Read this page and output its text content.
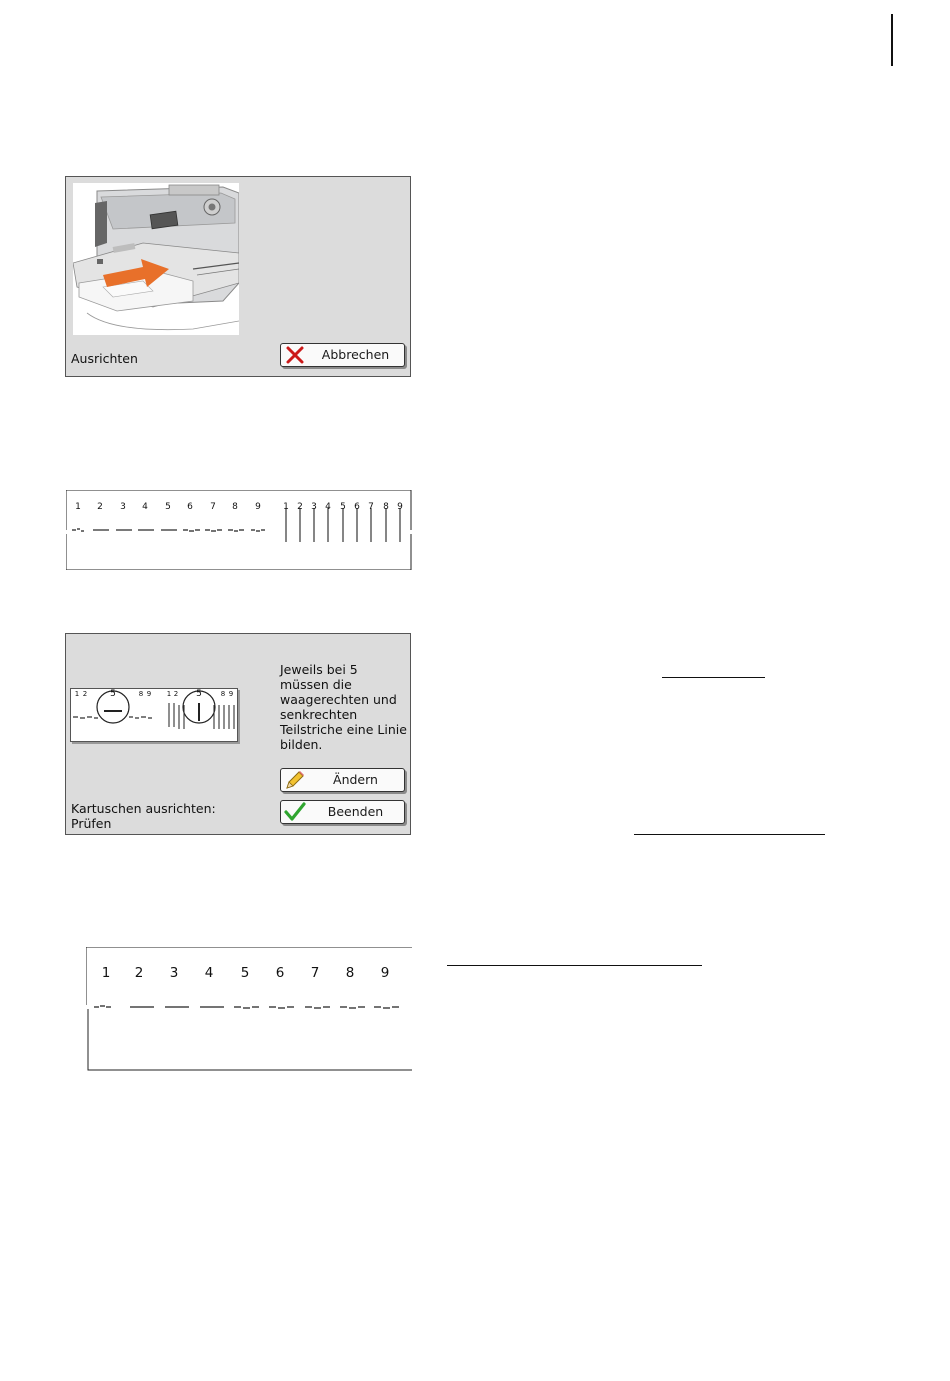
Ausrichten	Abbrechen
1	2	3	4	5	6	7	8	9	1 2 3 4	5 6 7	8 9
1 2	5	8 9 1 2 5	8 9
Jeweils bei 5 müssen die waagerechten und senkrechten Teilstriche eine Linie bilden.
Ändern
Beenden
Kartuschen ausrichten:
Prüfen
1 2 3 4 5 6 7 8 9
